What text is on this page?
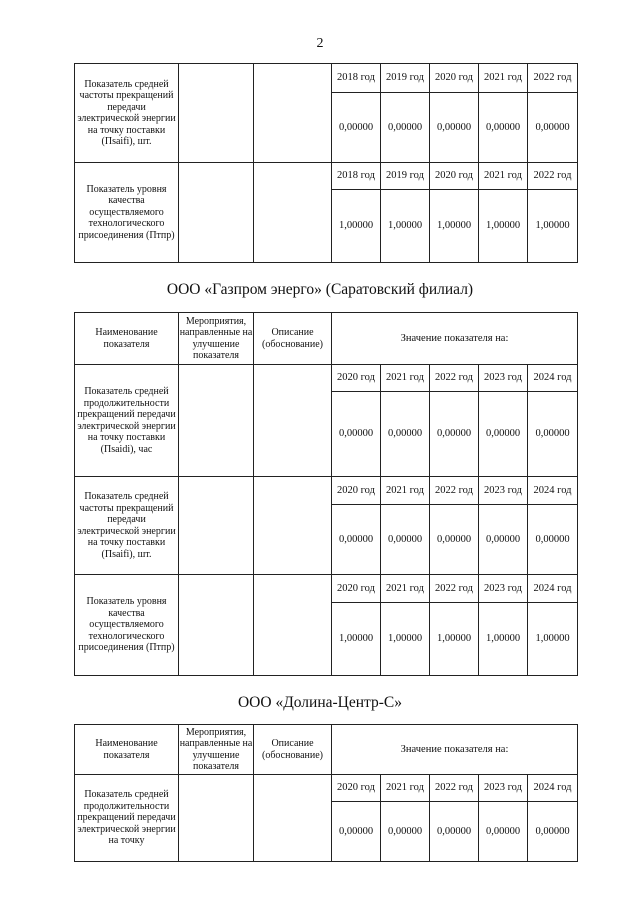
2
Показатель средней частоты прекращений передачи электрической энергии на точку поставки (Пsaifi), шт.			2018 год	2019 год	2020 год	2021 год	2022 год
			0,00000	0,00000	0,00000	0,00000	0,00000
Показатель уровня качества осуществляемого технологического присоединения (Птпр)			2018 год	2019 год	2020 год	2021 год	2022 год
			1,00000	1,00000	1,00000	1,00000	1,00000
ООО «Газпром энерго» (Саратовский филиал)
Наименование показателя	Мероприятия, направленные на улучшение показателя	Описание (обоснование)	Значение показателя на:				
Показатель средней продолжительности прекращений передачи электрической энергии на точку поставки (Пsaidi), час			2020 год	2021 год	2022 год	2023 год	2024 год
			0,00000	0,00000	0,00000	0,00000	0,00000
Показатель средней частоты прекращений передачи электрической энергии на точку поставки (Пsaifi), шт.			2020 год	2021 год	2022 год	2023 год	2024 год
			0,00000	0,00000	0,00000	0,00000	0,00000
Показатель уровня качества осуществляемого технологического присоединения (Птпр)			2020 год	2021 год	2022 год	2023 год	2024 год
			1,00000	1,00000	1,00000	1,00000	1,00000
ООО «Долина-Центр-С»
Наименование показателя	Мероприятия, направленные на улучшение показателя	Описание (обоснование)	Значение показателя на:				
Показатель средней продолжительности прекращений передачи электрической энергии на точку			2020 год	2021 год	2022 год	2023 год	2024 год
			0,00000	0,00000	0,00000	0,00000	0,00000
